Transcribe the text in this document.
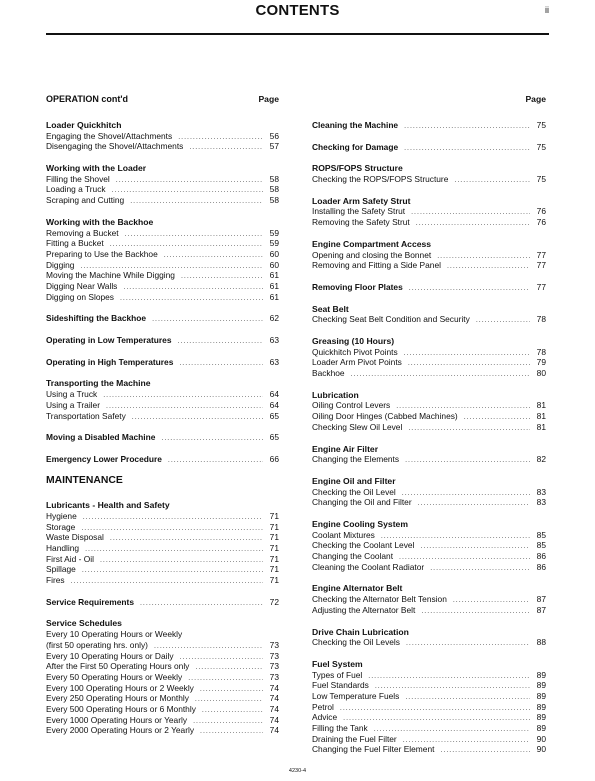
CONTENTS	ii
OPERATION cont'd	Page
Loader Quickhitch
Engaging the Shovel/Attachments .....	56
Disengaging the Shovel/Attachments .....	57
Working with the Loader
Filling the Shovel .....	58
Loading a Truck .....	58
Scraping and Cutting .....	58
Working with the Backhoe
Removing a Bucket .....	59
Fitting a Bucket .....	59
Preparing to Use the Backhoe .....	60
Digging .....	60
Moving the Machine While Digging .....	61
Digging Near Walls .....	61
Digging on Slopes .....	61
Sideshifting the Backhoe .....	62
Operating in Low Temperatures .....	63
Operating in High Temperatures .....	63
Transporting the Machine
Using a Truck .....	64
Using a Trailer .....	64
Transportation Safety .....	65
Moving a Disabled Machine .....	65
Emergency Lower Procedure .....	66
MAINTENANCE
Lubricants - Health and Safety
Hygiene .....	71
Storage .....	71
Waste Disposal .....	71
Handling .....	71
First Aid - Oil .....	71
Spillage .....	71
Fires .....	71
Service Requirements .....	72
Service Schedules
Every 10 Operating Hours or Weekly
(first 50 operating hrs. only) .....	73
Every 10 Operating Hours or Daily .....	73
After the First 50 Operating Hours only .....	73
Every 50 Operating Hours or Weekly .....	73
Every 100 Operating Hours or 2 Weekly .....	74
Every 250 Operating Hours or Monthly .....	74
Every 500 Operating Hours or 6 Monthly .....	74
Every 1000 Operating Hours or Yearly .....	74
Every 2000 Operating Hours or 2 Yearly .....	74
Page
Cleaning the Machine .....	75
Checking for Damage .....	75
ROPS/FOPS Structure
Checking the ROPS/FOPS Structure .....	75
Loader Arm Safety Strut
Installing the Safety Strut .....	76
Removing the Safety Strut .....	76
Engine Compartment Access
Opening and closing the Bonnet .....	77
Removing and Fitting a Side Panel .....	77
Removing Floor Plates .....	77
Seat Belt
Checking Seat Belt Condition and Security .....	78
Greasing (10 Hours)
Quickhitch Pivot Points .....	78
Loader Arm Pivot Points .....	79
Backhoe .....	80
Lubrication
Oiling Control Levers .....	81
Oiling Door Hinges (Cabbed Machines) .....	81
Checking Slew Oil Level .....	81
Engine Air Filter
Changing the Elements .....	82
Engine Oil and Filter
Checking the Oil Level .....	83
Changing the Oil and Filter .....	83
Engine Cooling System
Coolant Mixtures .....	85
Checking the Coolant Level .....	85
Changing the Coolant .....	86
Cleaning the Coolant Radiator .....	86
Engine Alternator Belt
Checking the Alternator Belt Tension .....	87
Adjusting the Alternator Belt .....	87
Drive Chain Lubrication
Checking the Oil Levels .....	88
Fuel System
Types of Fuel .....	89
Fuel Standards .....	89
Low Temperature Fuels .....	89
Petrol .....	89
Advice .....	89
Filling the Tank .....	89
Draining the Fuel Filter .....	90
Changing the Fuel Filter Element .....	90
4230-4
